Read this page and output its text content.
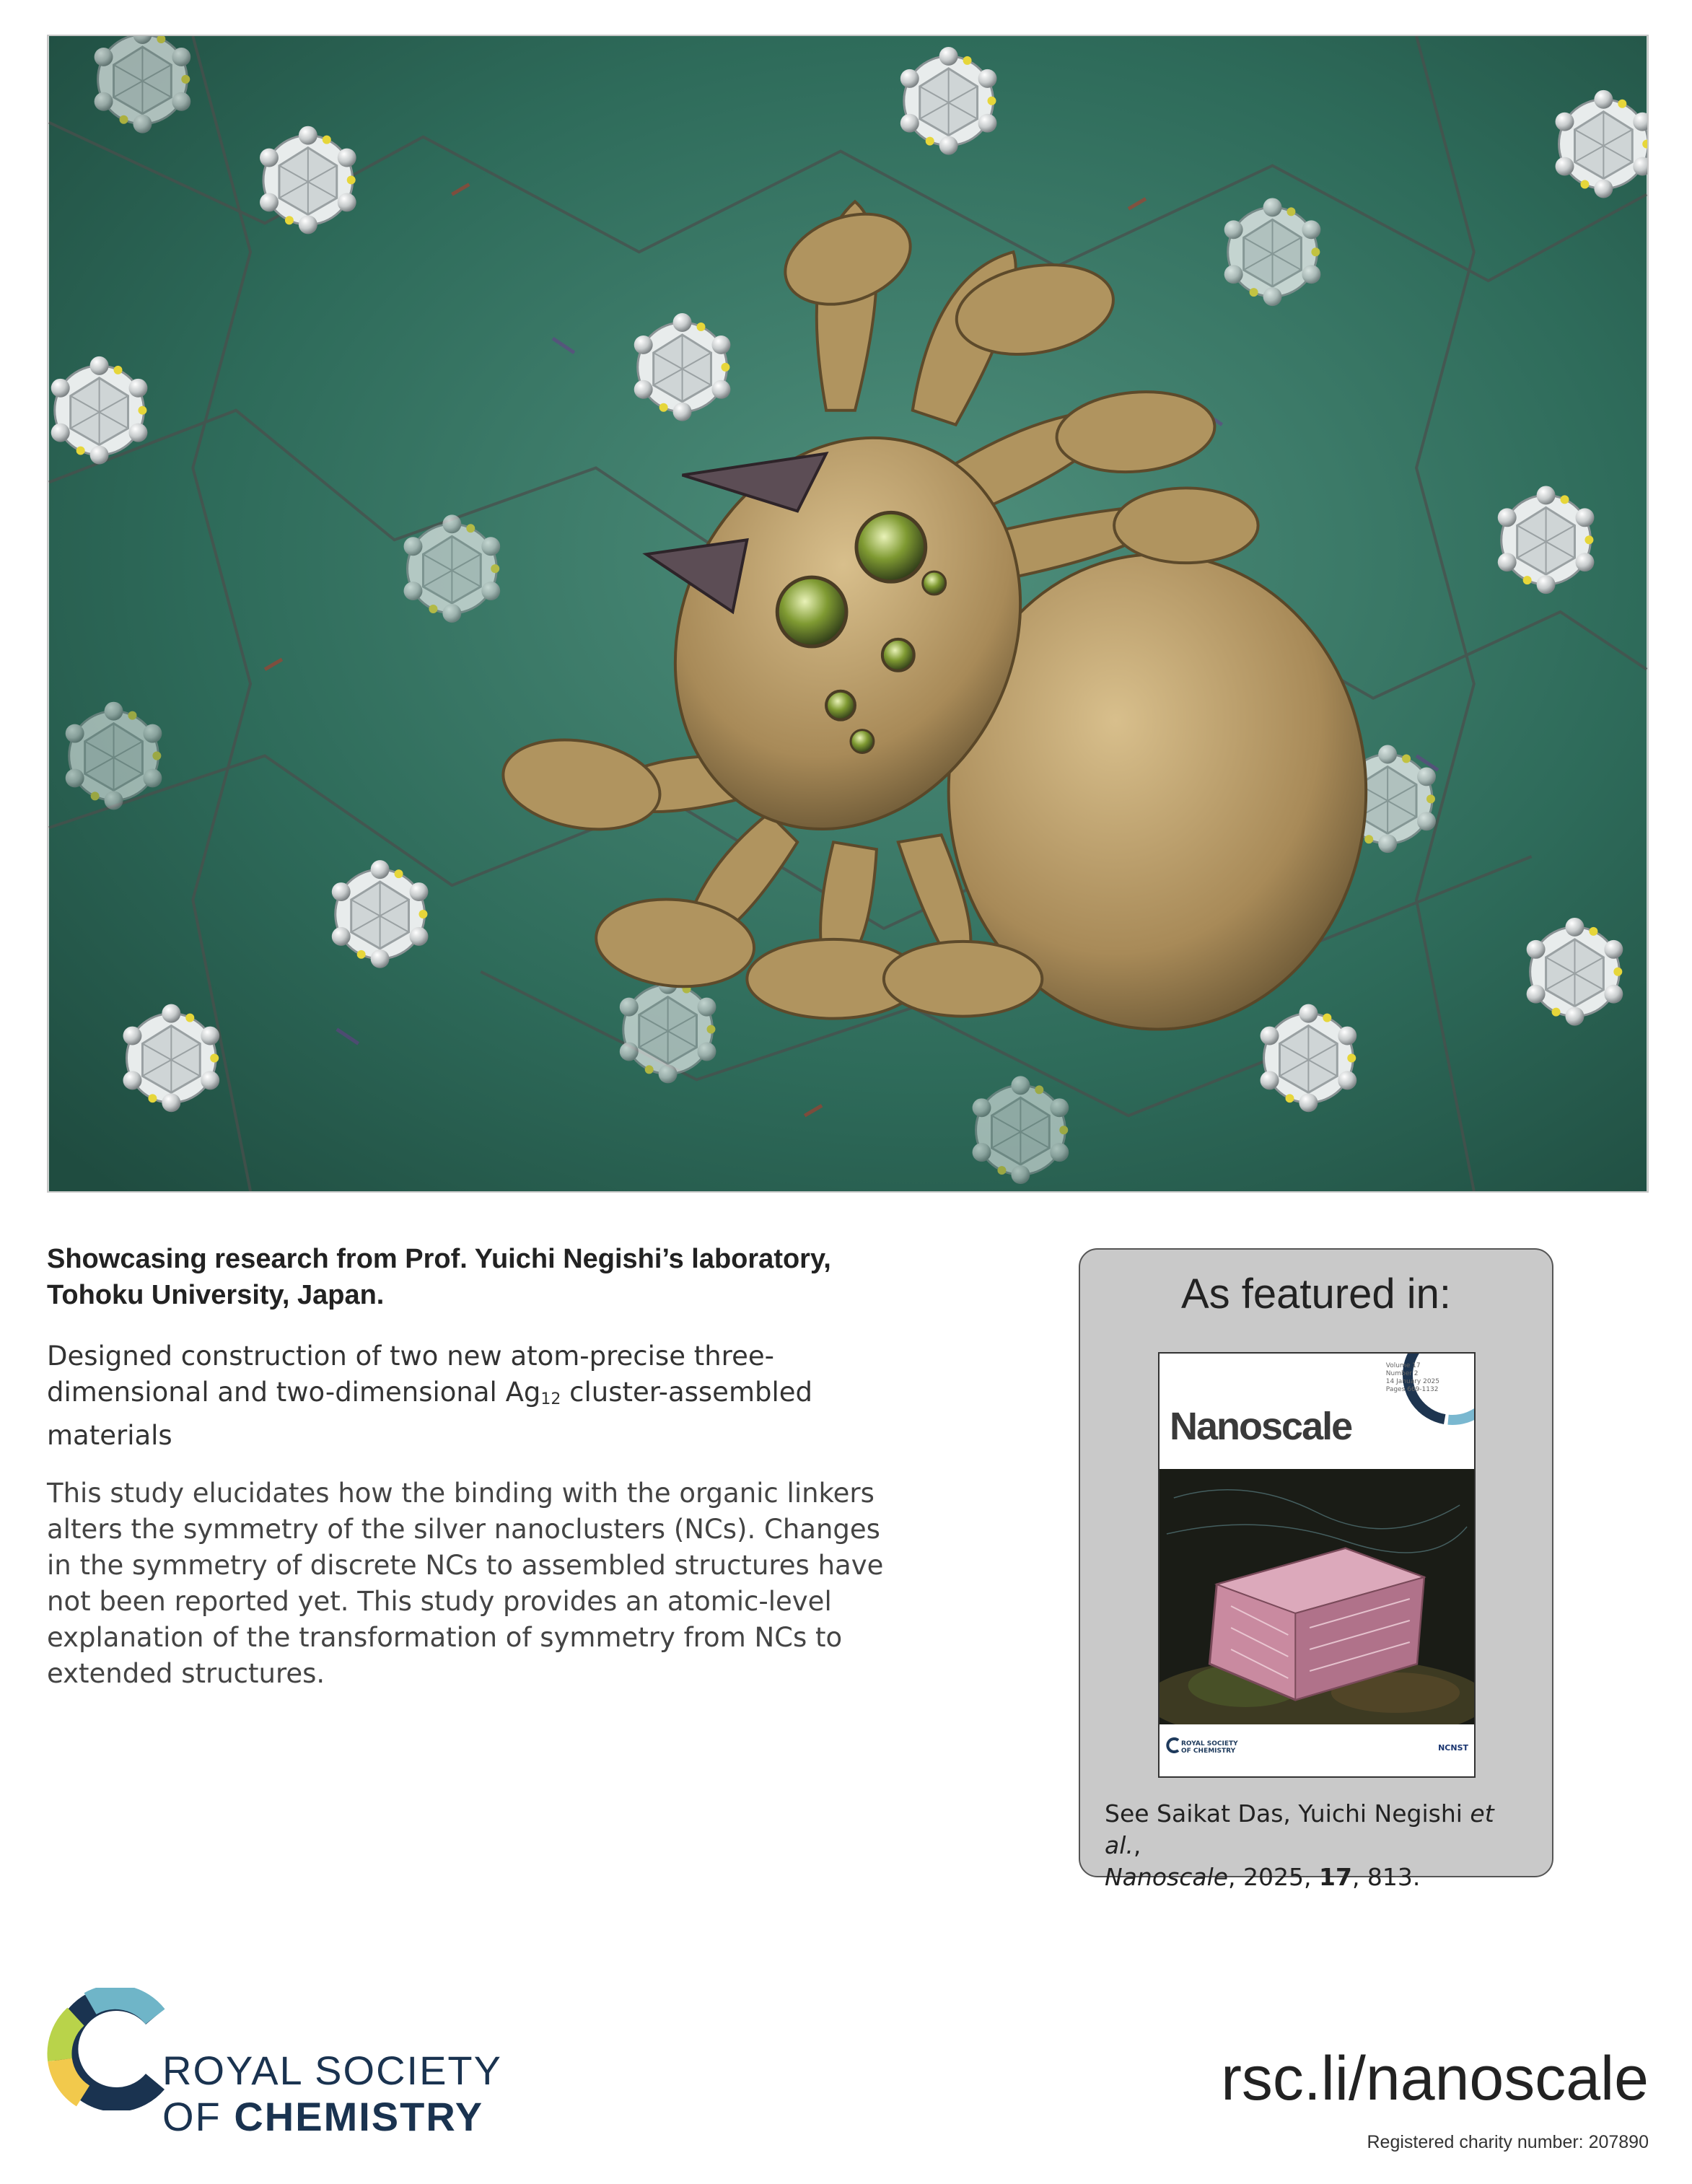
Showcasing research from Prof. Yuichi Negishi’s laboratory,
Tohoku University, Japan.
Designed construction of two new atom-precise three-dimensional and two-dimensional $Ag_{12}$ cluster-assembled materials
This study elucidates how the binding with the organic linkers alters the symmetry of the silver nanoclusters (NCs). Changes in the symmetry of discrete NCs to assembled structures have not been reported yet. This study provides an atomic-level explanation of the transformation of symmetry from NCs to extended structures.
As featured in:
Volume 17
Number 2
14 January 2025
Pages 669-1132
Nanoscale
ROYAL SOCIETY
OF CHEMISTRY	NCNST
See Saikat Das, Yuichi Negishi et al.,
Nanoscale, 2025, 17, 813.
ROYAL SOCIETY
OF CHEMISTRY
rsc.li/nanoscale
Registered charity number: 207890
